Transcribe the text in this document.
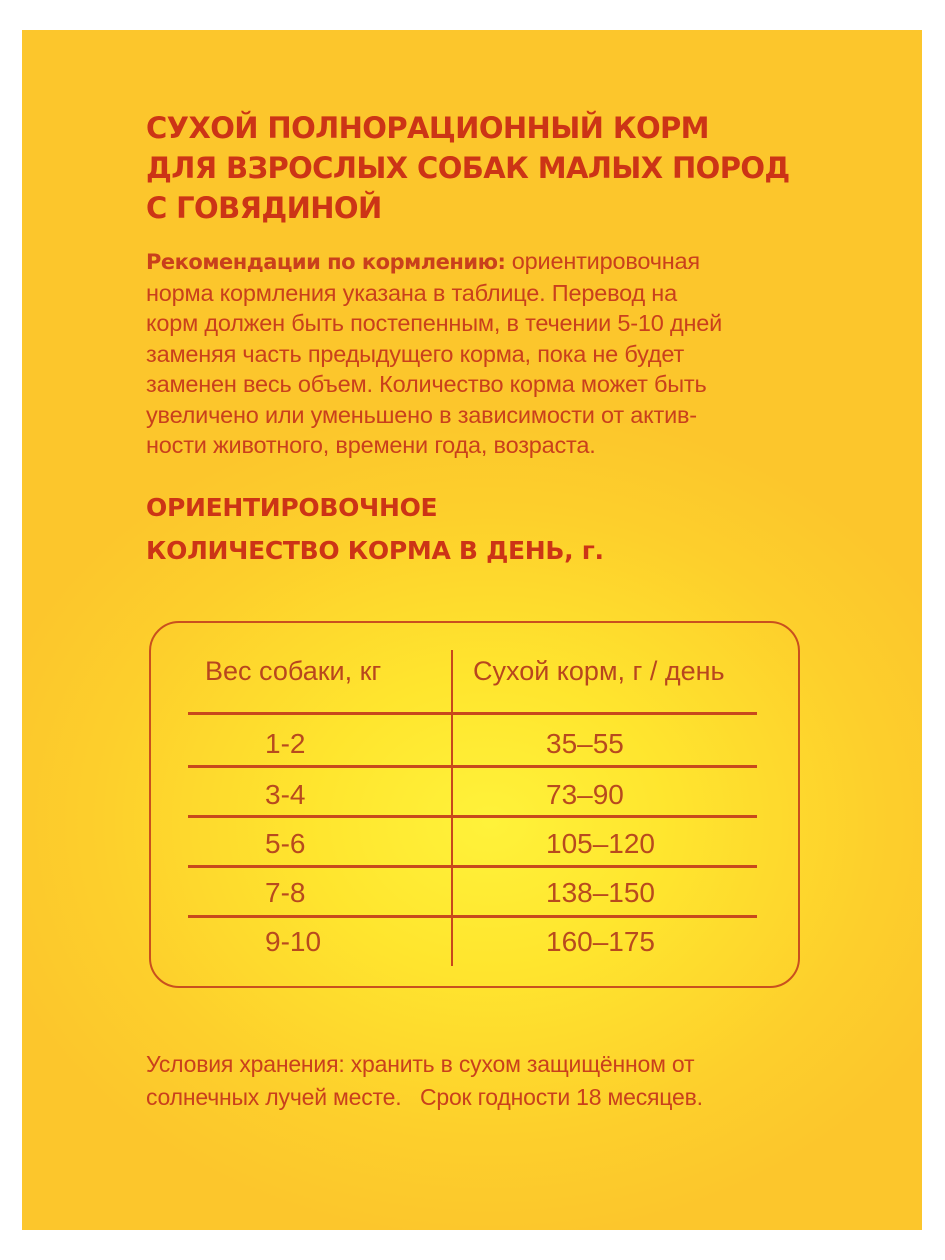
СУХОЙ ПОЛНОРАЦИОННЫЙ КОРМ
ДЛЯ ВЗРОСЛЫХ СОБАК МАЛЫХ ПОРОД
С ГОВЯДИНОЙ
Рекомендации по кормлению: ориентировочная
норма кормления указана в таблице. Перевод на
корм должен быть постепенным, в течении 5-10 дней
заменяя часть предыдущего корма, пока не будет
заменен весь объем. Количество корма может быть
увеличено или уменьшено в зависимости от актив-
ности животного, времени года, возраста.
ОРИЕНТИРОВОЧНОЕ
КОЛИЧЕСТВО КОРМА В ДЕНЬ, г.
Вес собаки, кг	Сухой корм, г / день
1-2	35–55
3-4	73–90
5-6	105–120
7-8	138–150
9-10	160–175
Условия хранения: хранить в сухом защищённом от
солнечных лучей месте.   Срок годности 18 месяцев.
